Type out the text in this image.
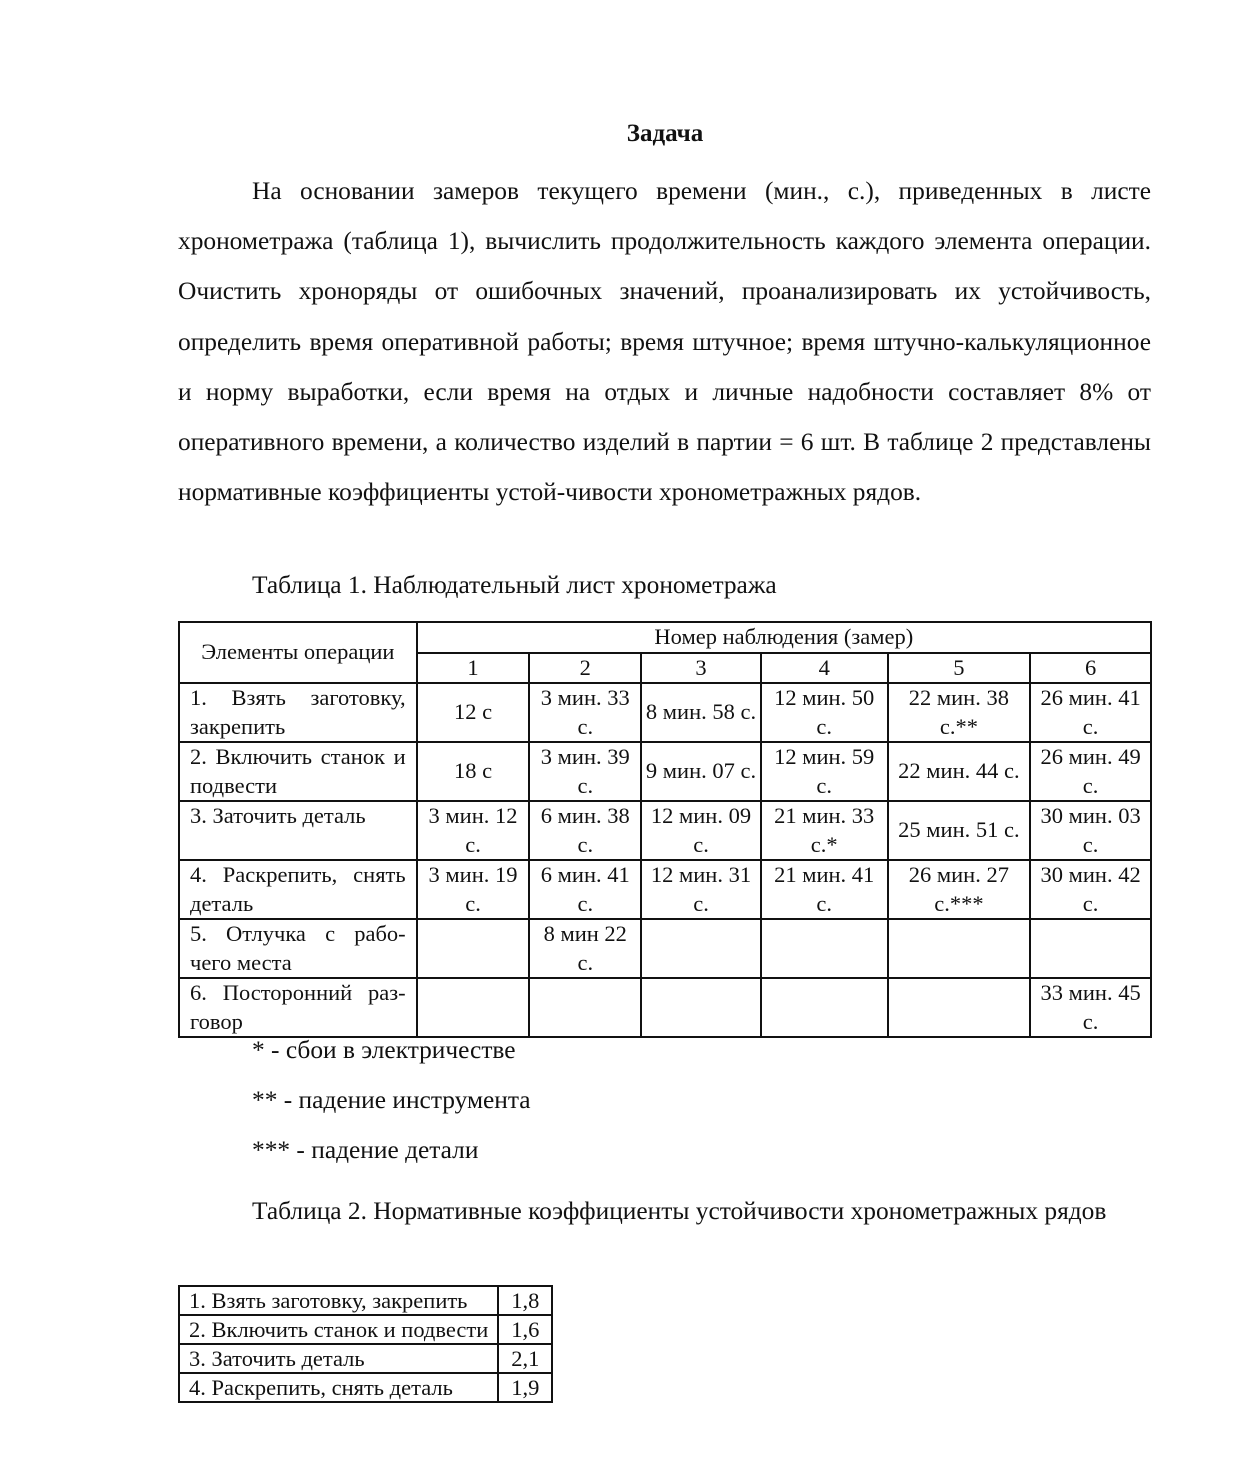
Задача
На основании замеров текущего времени (мин., с.), приведенных в листе хронометража (таблица 1), вычислить продолжительность каждого элемента операции. Очистить хроноряды от ошибочных значений, проанализировать их устойчивость, определить время оперативной работы; время штучное; время штучно-калькуляционное и норму выработки, если время на отдых и личные надобности составляет 8% от оперативного времени, а количество изделий в партии = 6 шт. В таблице 2 представлены нормативные коэффициенты устой-чивости хронометражных рядов.
Таблица 1. Наблюдательный лист хронометража
Элементы операции	Номер наблюдения (замер)					
	1	2	3	4	5	6
1. Взять заготовку, закрепить	12 с	3 мин. 33 с.	8 мин. 58 с.	12 мин. 50 с.	22 мин. 38 с.**	26 мин. 41 с.
2. Включить станок и подвести	18 с	3 мин. 39 с.	9 мин. 07 с.	12 мин. 59 с.	22 мин. 44 с.	26 мин. 49 с.
3. Заточить деталь	3 мин. 12 с.	6 мин. 38 с.	12 мин. 09 с.	21 мин. 33 с.*	25 мин. 51 с.	30 мин. 03 с.
4. Раскрепить, снять деталь	3 мин. 19 с.	6 мин. 41 с.	12 мин. 31 с.	21 мин. 41 с.	26 мин. 27 с.***	30 мин. 42 с.
5. Отлучка с рабо-чего места		8 мин 22 с.				
6. Посторонний раз-говор						33 мин. 45 с.
* - сбои в электричестве
** - падение инструмента
*** - падение детали
Таблица 2. Нормативные коэффициенты устойчивости хронометражных рядов
1. Взять заготовку, закрепить	1,8
2. Включить станок и подвести	1,6
3. Заточить деталь	2,1
4. Раскрепить, снять деталь	1,9
